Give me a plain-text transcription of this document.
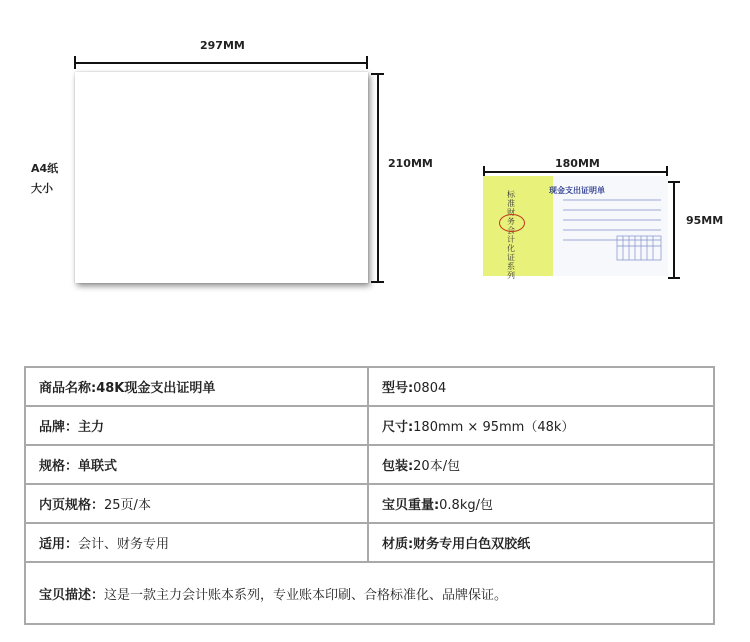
297MM
210MM
A4纸
大小
180MM
现金支出证明单
标准财务会计化证系列
95MM
商品名称:48K现金支出证明单	型号:0804
品牌：主力	尺寸:180mm × 95mm（48k）
规格：单联式	包装:20本/包
内页规格：25页/本	宝贝重量:0.8kg/包
适用：会计、财务专用	材质:财务专用白色双胶纸
宝贝描述：这是一款主力会计账本系列，专业账本印刷、合格标准化、品牌保证。	
